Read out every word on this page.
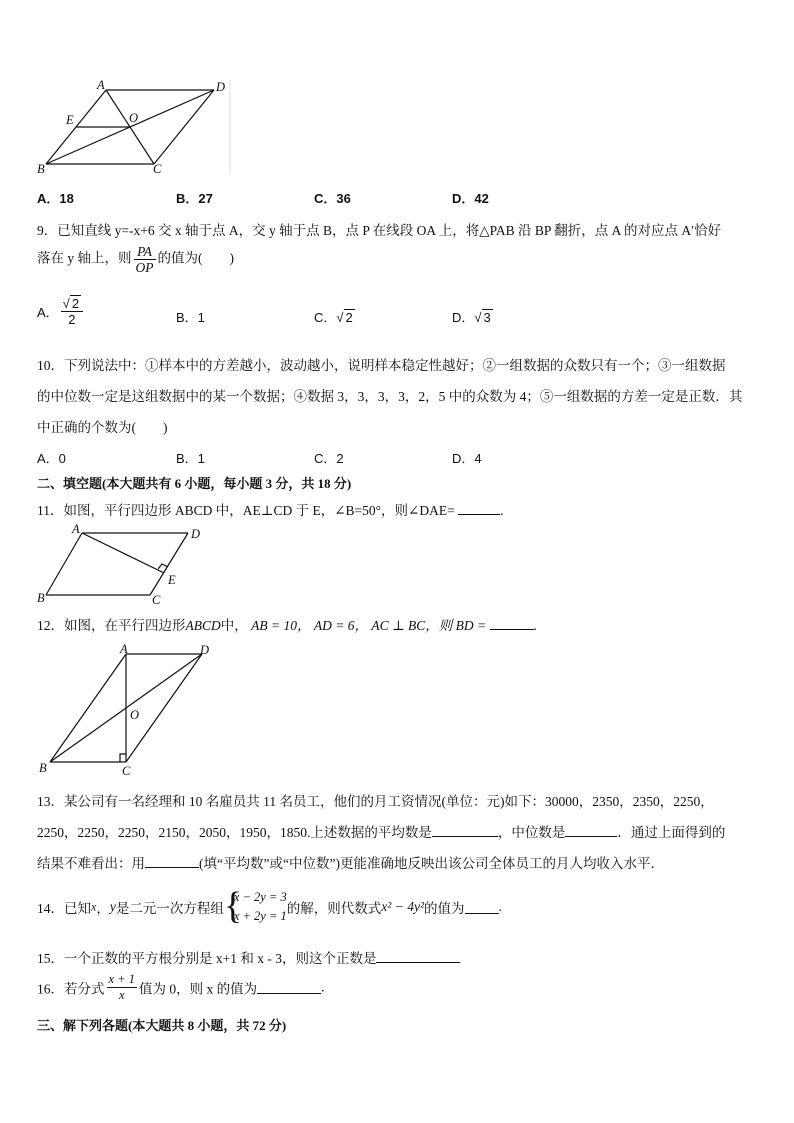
A	D
E	O
B	C
A．18	B．27	C．36	D．42
9．已知直线 y=-x+6 交 x 轴于点 A，交 y 轴于点 B，点 P 在线段 OA 上，将△PAB 沿 BP 翻折，点 A 的对应点 A′恰好
落在 y 轴上，则 $\frac{PA}{OP}$ 的值为(　　)
A． $\frac{√ 2}{2}$	B．1	C．√ 2	D．√ 3
10．下列说法中：①样本中的方差越小，波动越小，说明样本稳定性越好；②一组数据的众数只有一个；③一组数据
的中位数一定是这组数据中的某一个数据；④数据 3，3，3，3，2，5 中的众数为 4；⑤一组数据的方差一定是正数．其
中正确的个数为(　　)
A．0	B．1	C．2	D．4
二、填空题(本大题共有 6 小题，每小题 3 分，共 18 分)
11．如图，平行四边形 ABCD 中，AE⊥CD 于 E，∠B=50°，则∠DAE=	.
A	D
E
B	C
12．如图，在平行四边形ABCD中， AB = 10， AD = 6， AC ⊥ BC，则 BD =	.
A	D
O
B	C
13．某公司有一名经理和 10 名雇员共 11 名员工，他们的月工资情况(单位：元)如下：30000，2350，2350，2250，
2250，2250，2250，2150，2050，1950，1850.上述数据的平均数是	，中位数是	．通过上面得到的
结果不难看出：用	(填“平均数”或“中位数”)更能准确地反映出该公司全体员工的月人均收入水平．
14．已知x，y是二元一次方程组 {
x − 2y = 3
x + 2y = 1 的解，则代数式x² − 4y²的值为	.
15．一个正数的平方根分别是 x+1 和 x - 3，则这个正数是
16．若分式 $\frac{x + 1}{x}$ 值为 0，则 x 的值为	.
三、解下列各题(本大题共 8 小题，共 72 分)
